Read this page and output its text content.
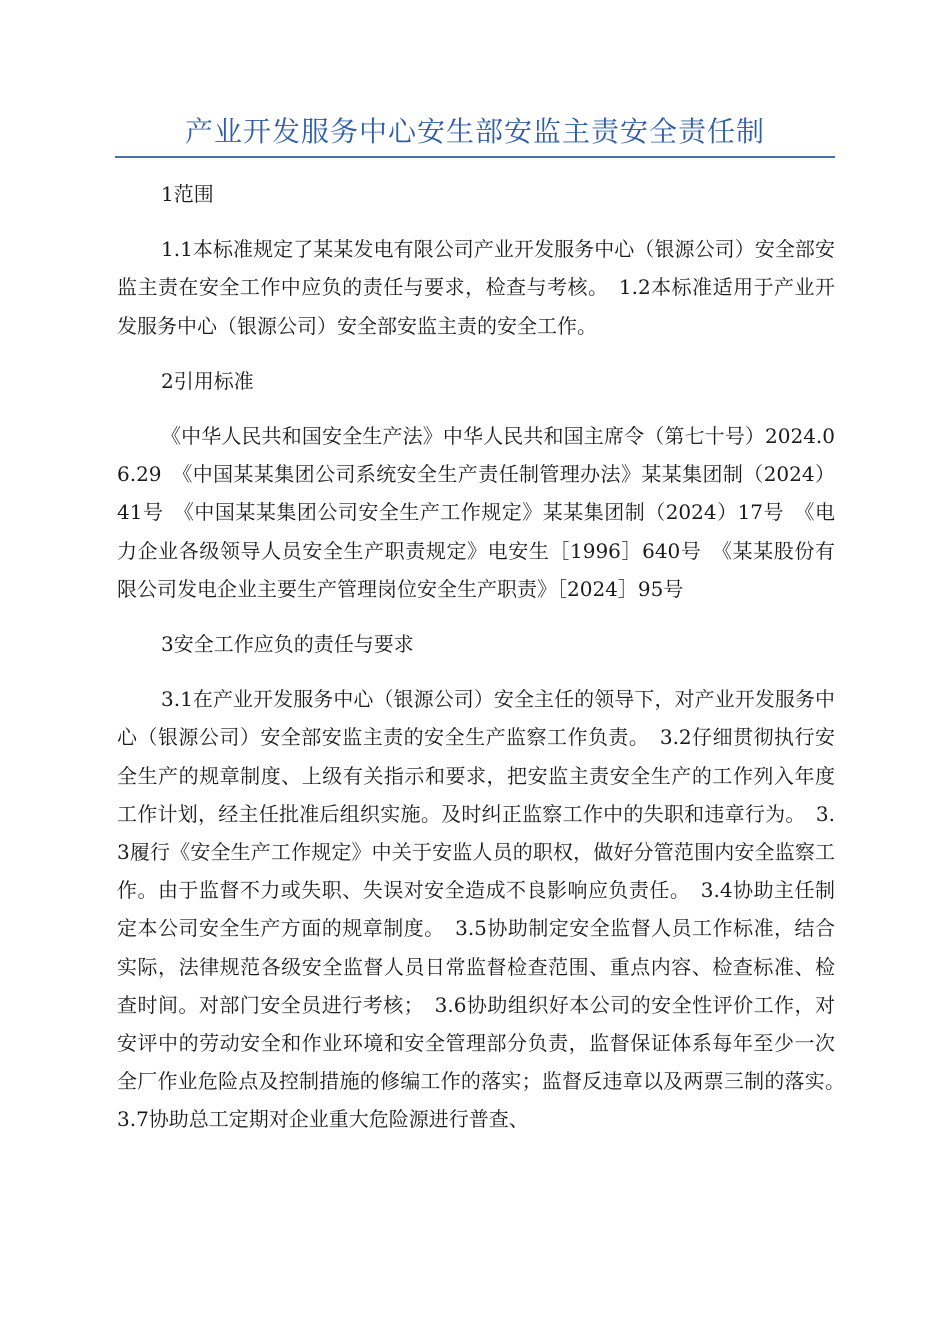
产业开发服务中心安生部安监主责安全责任制

1范围

1.1本标准规定了某某发电有限公司产业开发服务中心（银源公司）安全部安监主责在安全工作中应负的责任与要求，检查与考核。　1.2本标准适用于产业开发服务中心（银源公司）安全部安监主责的安全工作。

2引用标准

《中华人民共和国安全生产法》中华人民共和国主席令（第七十号）2024.06.29　《中国某某集团公司系统安全生产责任制管理办法》某某集团制（2024）41号　《中国某某集团公司安全生产工作规定》某某集团制（2024）17号　《电力企业各级领导人员安全生产职责规定》电安生［1996］640号　《某某股份有限公司发电企业主要生产管理岗位安全生产职责》［2024］95号

3安全工作应负的责任与要求

3.1在产业开发服务中心（银源公司）安全主任的领导下，对产业开发服务中心（银源公司）安全部安监主责的安全生产监察工作负责。　3.2仔细贯彻执行安全生产的规章制度、上级有关指示和要求，把安监主责安全生产的工作列入年度工作计划，经主任批准后组织实施。及时纠正监察工作中的失职和违章行为。　3.3履行《安全生产工作规定》中关于安监人员的职权，做好分管范围内安全监察工作。由于监督不力或失职、失误对安全造成不良影响应负责任。　3.4协助主任制定本公司安全生产方面的规章制度。　3.5协助制定安全监督人员工作标准，结合实际，法律规范各级安全监督人员日常监督检查范围、重点内容、检查标准、检查时间。对部门安全员进行考核；　3.6协助组织好本公司的安全性评价工作，对安评中的劳动安全和作业环境和安全管理部分负责，监督保证体系每年至少一次全厂作业危险点及控制措施的修编工作的落实；监督反违章以及两票三制的落实。　3.7协助总工定期对企业重大危险源进行普查、
